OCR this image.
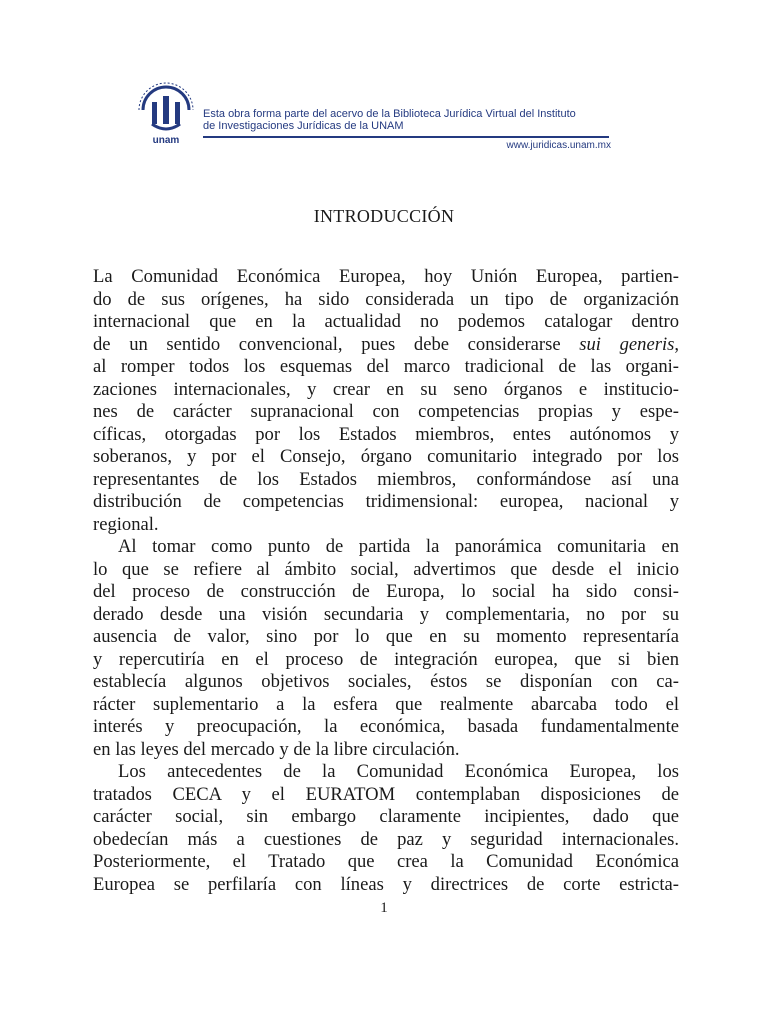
unam
Esta obra forma parte del acervo de la Biblioteca Jurídica Virtual del Instituto
de Investigaciones Jurídicas de la UNAM
www.juridicas.unam.mx
INTRODUCCIÓN
La Comunidad Económica Europea, hoy Unión Europea, partien-
do de sus orígenes, ha sido considerada un tipo de organización
internacional que en la actualidad no podemos catalogar dentro
de un sentido convencional, pues debe considerarse sui generis,
al romper todos los esquemas del marco tradicional de las organi-
zaciones internacionales, y crear en su seno órganos e institucio-
nes de carácter supranacional con competencias propias y espe-
cíficas, otorgadas por los Estados miembros, entes autónomos y
soberanos, y por el Consejo, órgano comunitario integrado por los
representantes de los Estados miembros, conformándose así una
distribución de competencias tridimensional: europea, nacional y
regional.
Al tomar como punto de partida la panorámica comunitaria en
lo que se refiere al ámbito social, advertimos que desde el inicio
del proceso de construcción de Europa, lo social ha sido consi-
derado desde una visión secundaria y complementaria, no por su
ausencia de valor, sino por lo que en su momento representaría
y repercutiría en el proceso de integración europea, que si bien
establecía algunos objetivos sociales, éstos se disponían con ca-
rácter suplementario a la esfera que realmente abarcaba todo el
interés y preocupación, la económica, basada fundamentalmente
en las leyes del mercado y de la libre circulación.
Los antecedentes de la Comunidad Económica Europea, los
tratados CECA y el EURATOM contemplaban disposiciones de
carácter social, sin embargo claramente incipientes, dado que
obedecían más a cuestiones de paz y seguridad internacionales.
Posteriormente, el Tratado que crea la Comunidad Económica
Europea se perfilaría con líneas y directrices de corte estricta-
1
